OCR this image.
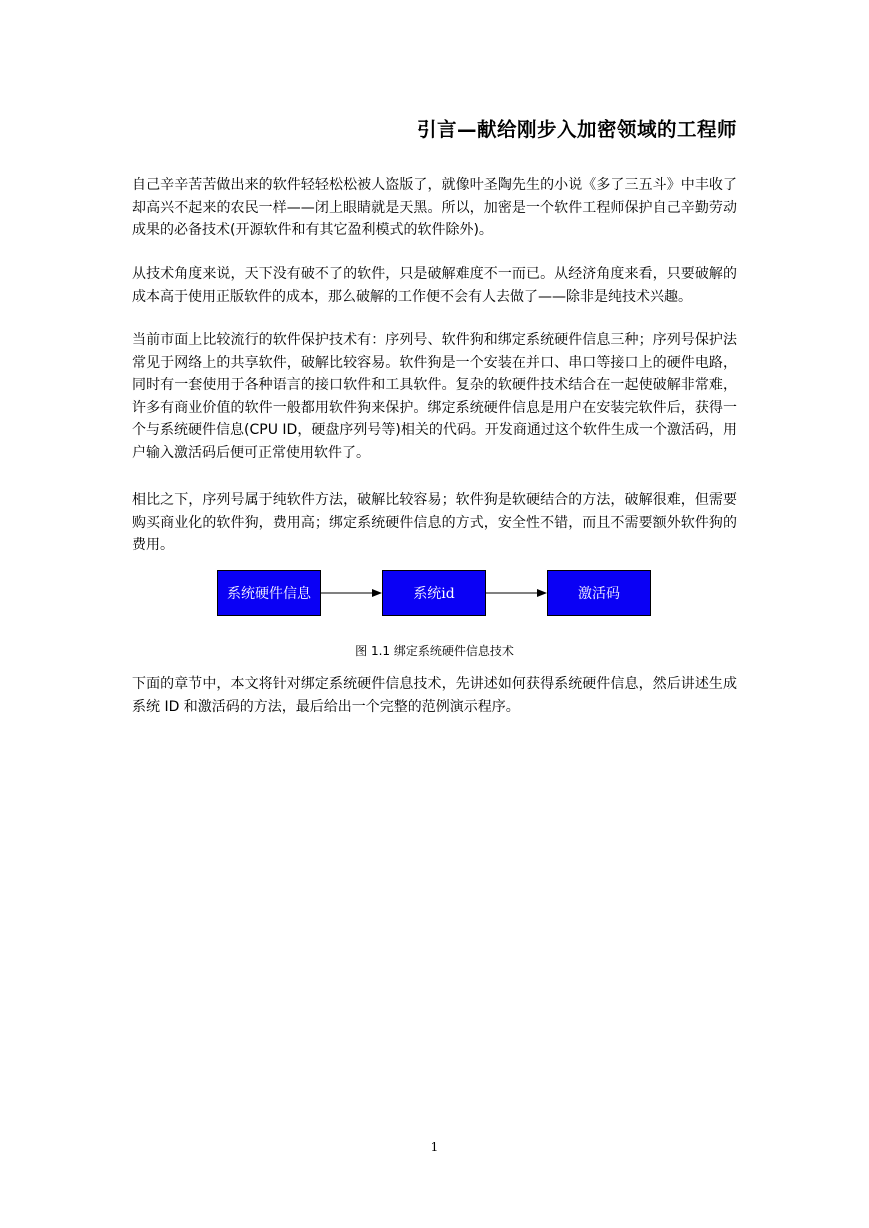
引言—献给刚步入加密领域的工程师

自己辛辛苦苦做出来的软件轻轻松松被人盗版了，就像叶圣陶先生的小说《多了三五斗》中丰收了却高兴不起来的农民一样——闭上眼睛就是天黑。所以，加密是一个软件工程师保护自己辛勤劳动成果的必备技术(开源软件和有其它盈利模式的软件除外)。

从技术角度来说，天下没有破不了的软件，只是破解难度不一而已。从经济角度来看，只要破解的成本高于使用正版软件的成本，那么破解的工作便不会有人去做了——除非是纯技术兴趣。

当前市面上比较流行的软件保护技术有：序列号、软件狗和绑定系统硬件信息三种；序列号保护法常见于网络上的共享软件，破解比较容易。软件狗是一个安装在并口、串口等接口上的硬件电路，同时有一套使用于各种语言的接口软件和工具软件。复杂的软硬件技术结合在一起使破解非常难，许多有商业价值的软件一般都用软件狗来保护。绑定系统硬件信息是用户在安装完软件后，获得一个与系统硬件信息(CPU ID，硬盘序列号等)相关的代码。开发商通过这个软件生成一个激活码，用户输入激活码后便可正常使用软件了。

相比之下，序列号属于纯软件方法，破解比较容易；软件狗是软硬结合的方法，破解很难，但需要购买商业化的软件狗，费用高；绑定系统硬件信息的方式，安全性不错，而且不需要额外软件狗的费用。

系统硬件信息	系统id	激活码
图 1.1 绑定系统硬件信息技术

下面的章节中，本文将针对绑定系统硬件信息技术，先讲述如何获得系统硬件信息，然后讲述生成系统 ID 和激活码的方法，最后给出一个完整的范例演示程序。

1
